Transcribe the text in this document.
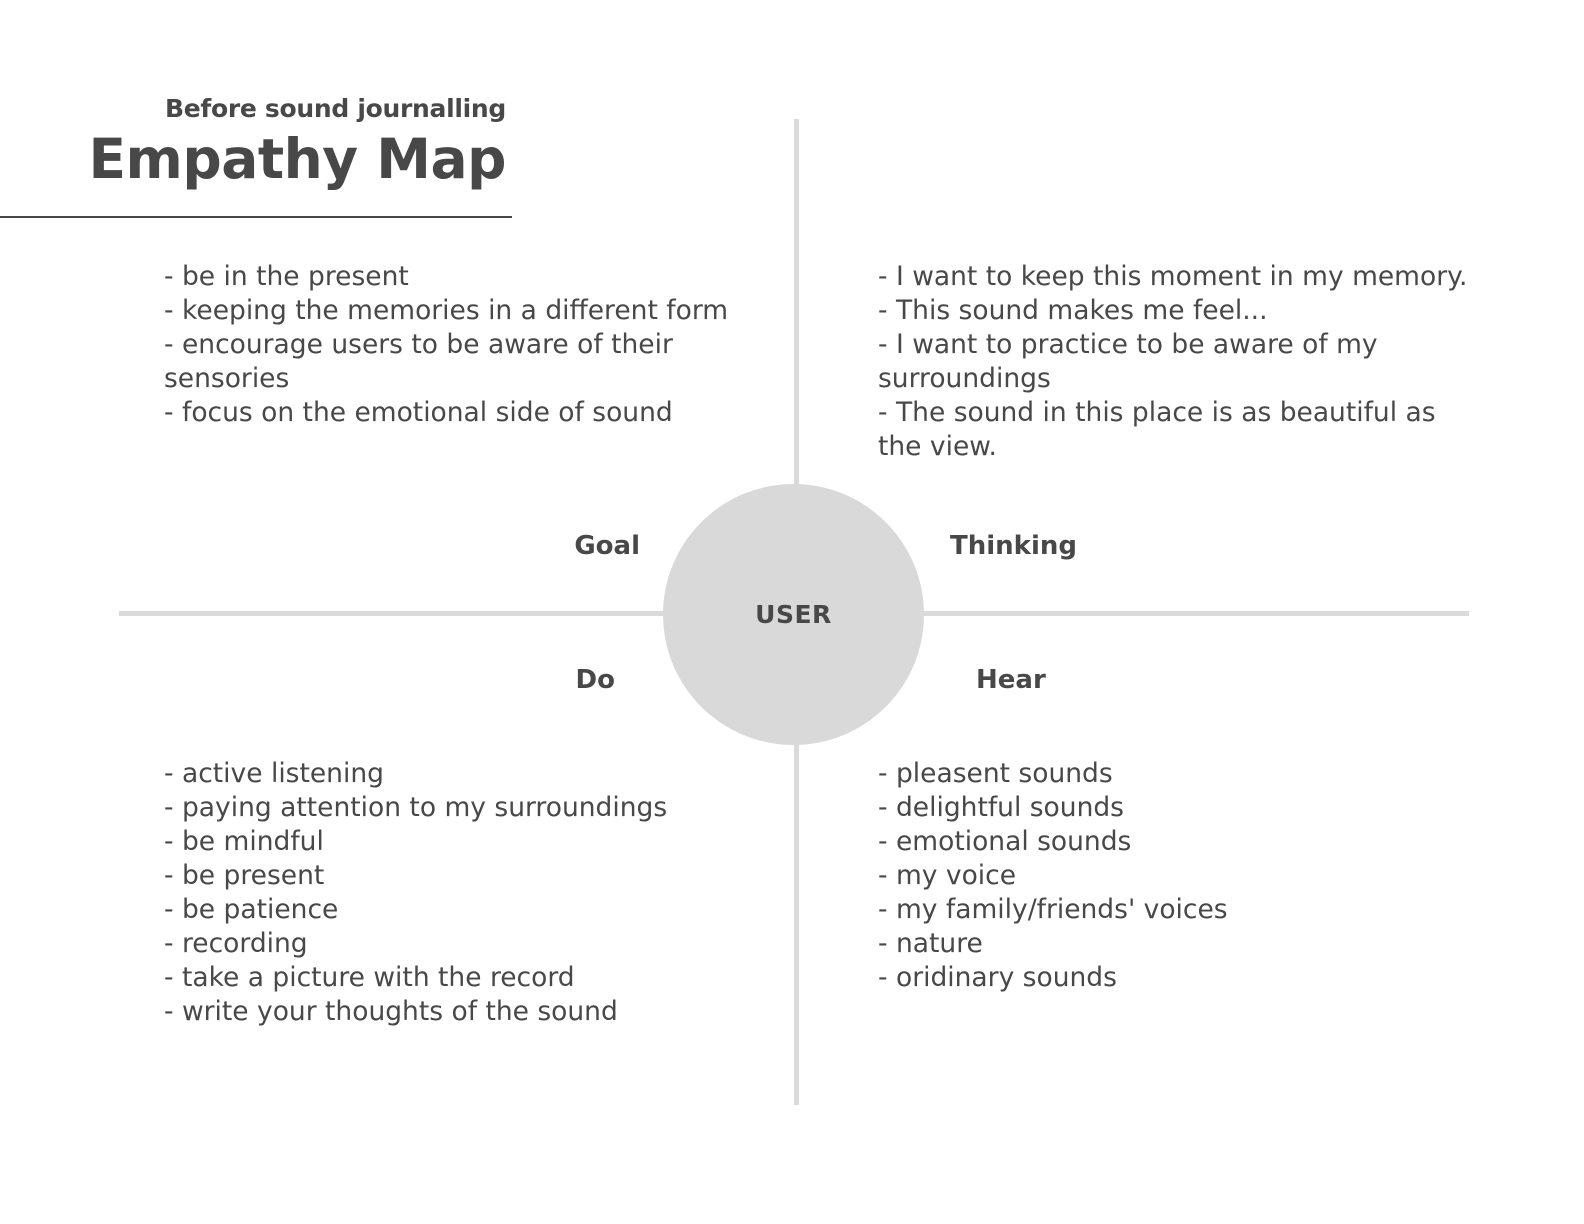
Before sound journalling
Empathy Map
USER
Goal	Thinking
Do	Hear
- be in the present
- keeping the memories in a different form
- encourage users to be aware of their sensories
- focus on the emotional side of sound
- I want to keep this moment in my memory.
- This sound makes me feel...
- I want to practice to be aware of my surroundings
- The sound in this place is as beautiful as the view.
- active listening
- paying attention to my surroundings
- be mindful
- be present
- be patience
- recording
- take a picture with the record
- write your thoughts of the sound
- pleasent sounds
- delightful sounds
- emotional sounds
- my voice
- my family/friends' voices
- nature
- oridinary sounds
